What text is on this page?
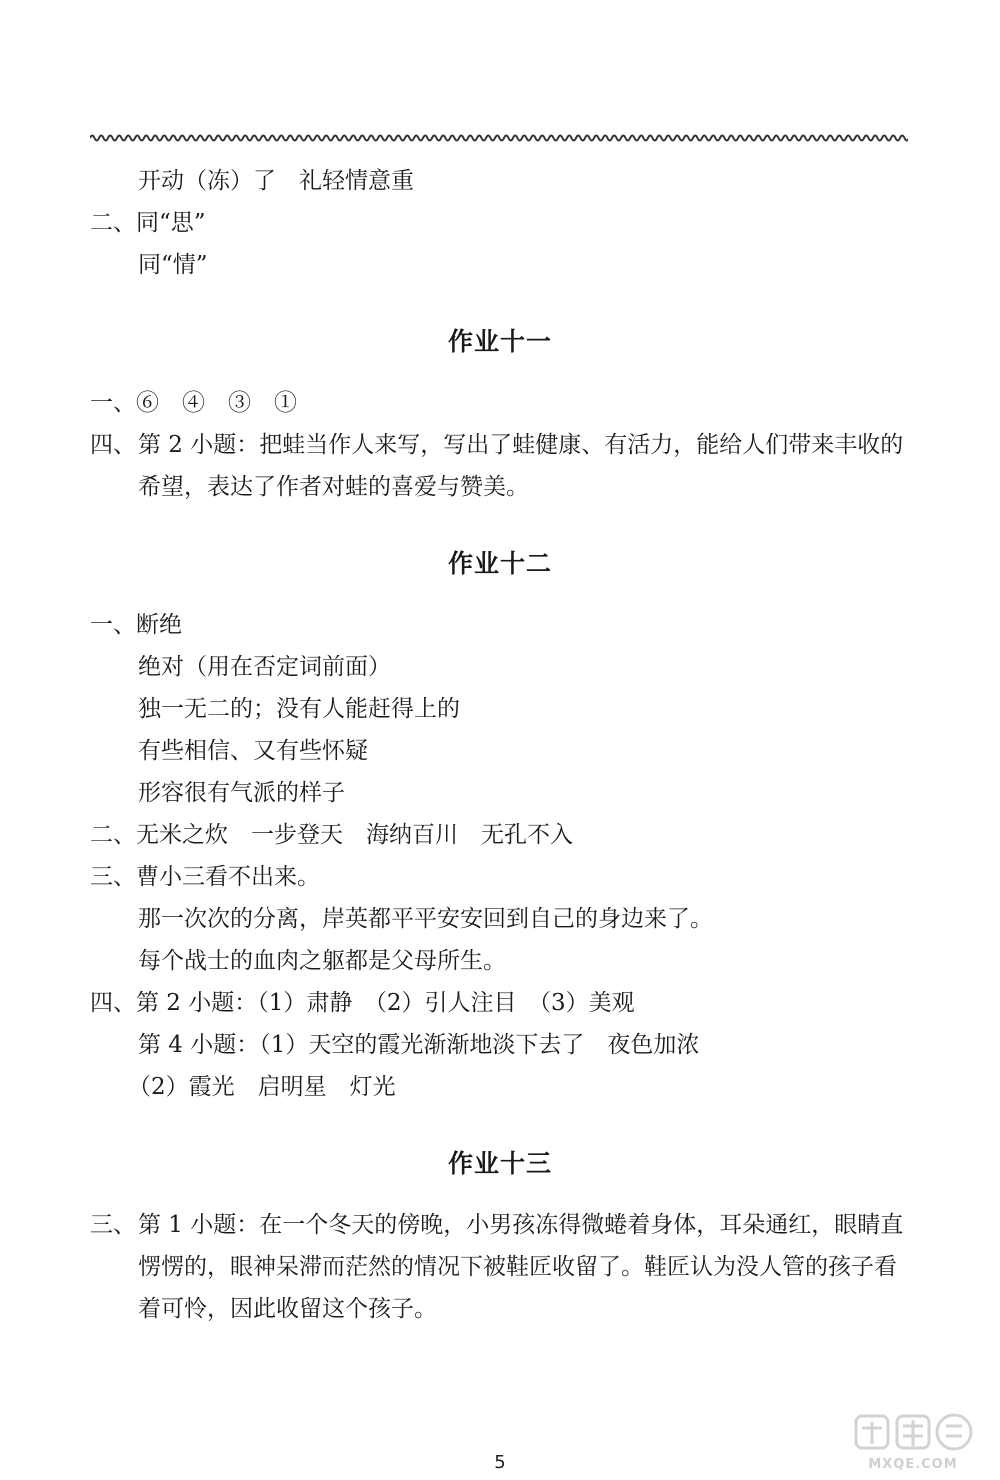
开动（冻）了　礼轻情意重
二、同“思”
同“情”
作业十一
一、⑥　④　③　①
四、 第 2 小题：把蛙当作人来写，写出了蛙健康、有活力，能给人们带来丰收的希望，表达了作者对蛙的喜爱与赞美。
作业十二
一、断绝
绝对（用在否定词前面）
独一无二的；没有人能赶得上的
有些相信、又有些怀疑
形容很有气派的样子
二、无米之炊　一步登天　海纳百川　无孔不入
三、曹小三看不出来。
那一次次的分离，岸英都平平安安回到自己的身边来了。
每个战士的血肉之躯都是父母所生。
四、第 2 小题：（1）肃静　（2）引人注目　（3）美观
第 4 小题：（1）天空的霞光渐渐地淡下去了　夜色加浓
（2）霞光　启明星　灯光
作业十三
三、 第 1 小题：在一个冬天的傍晚，小男孩冻得微蜷着身体，耳朵通红，眼睛直愣愣的，眼神呆滞而茫然的情况下被鞋匠收留了。鞋匠认为没人管的孩子看着可怜，因此收留这个孩子。
5	MXQE.COM
